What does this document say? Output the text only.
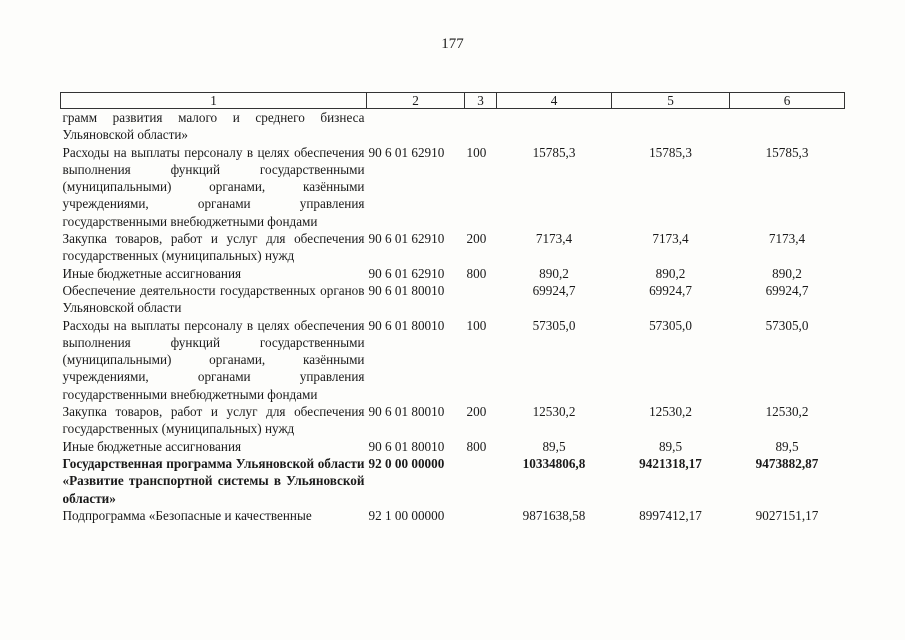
177
1	2	3	4	5	6
грамм развития малого и среднего бизнеса Ульяновской области»					
Расходы на выплаты персоналу в целях обеспечения выполнения функций государственными (муниципальными) органами, казёнными учреждениями, органами управления государственными внебюджетными фондами	90 6 01 62910	100	15785,3	15785,3	15785,3
Закупка товаров, работ и услуг для обеспечения государственных (муниципальных) нужд	90 6 01 62910	200	7173,4	7173,4	7173,4
Иные бюджетные ассигнования	90 6 01 62910	800	890,2	890,2	890,2
Обеспечение деятельности государственных органов Ульяновской области	90 6 01 80010		69924,7	69924,7	69924,7
Расходы на выплаты персоналу в целях обеспечения выполнения функций государственными (муниципальными) органами, казёнными учреждениями, органами управления государственными внебюджетными фондами	90 6 01 80010	100	57305,0	57305,0	57305,0
Закупка товаров, работ и услуг для обеспечения государственных (муниципальных) нужд	90 6 01 80010	200	12530,2	12530,2	12530,2
Иные бюджетные ассигнования	90 6 01 80010	800	89,5	89,5	89,5
Государственная программа Ульяновской области «Развитие транспортной системы в Ульяновской области»	92 0 00 00000		10334806,8	9421318,17	9473882,87
Подпрограмма «Безопасные и качественные	92 1 00 00000		9871638,58	8997412,17	9027151,17
